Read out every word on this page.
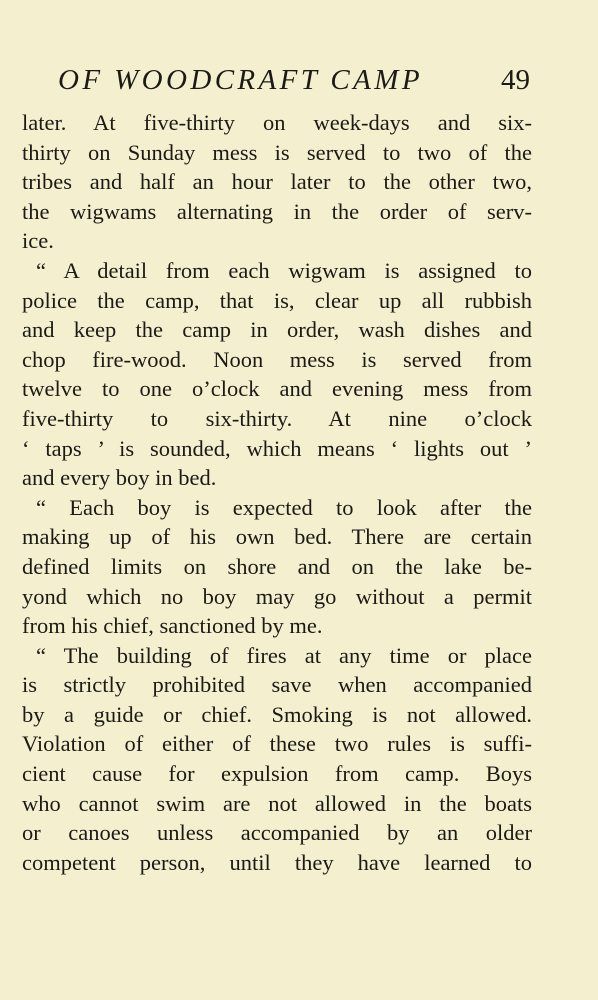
OF WOODCRAFT CAMP	49
later. At five-thirty on week-days and six-
thirty on Sunday mess is served to two of the
tribes and half an hour later to the other two,
the wigwams alternating in the order of serv-
ice.
“ A detail from each wigwam is assigned to
police the camp, that is, clear up all rubbish
and keep the camp in order, wash dishes and
chop fire-wood. Noon mess is served from
twelve to one o’clock and evening mess from
five-thirty to six-thirty. At nine o’clock
‘ taps ’ is sounded, which means ‘ lights out ’
and every boy in bed.
“ Each boy is expected to look after the
making up of his own bed. There are certain
defined limits on shore and on the lake be-
yond which no boy may go without a permit
from his chief, sanctioned by me.
“ The building of fires at any time or place
is strictly prohibited save when accompanied
by a guide or chief. Smoking is not allowed.
Violation of either of these two rules is suffi-
cient cause for expulsion from camp. Boys
who cannot swim are not allowed in the boats
or canoes unless accompanied by an older
competent person, until they have learned to
